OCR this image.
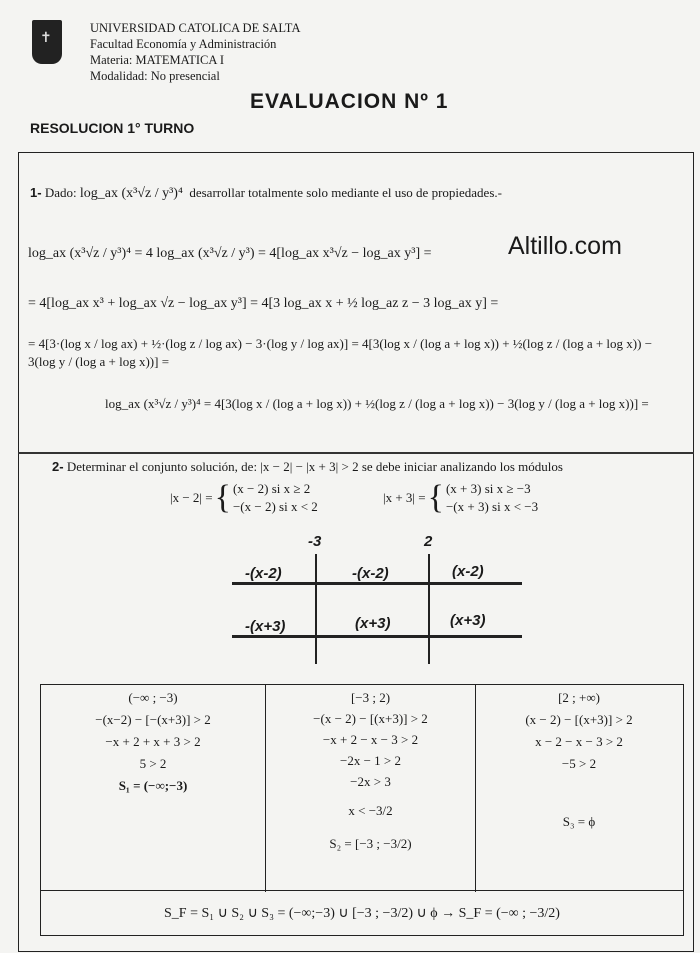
✝
UNIVERSIDAD CATOLICA DE SALTA
Facultad Economía y Administración
Materia: MATEMATICA I
Modalidad: No presencial
EVALUACION Nº 1
RESOLUCION 1° TURNO
Altillo.com
1- Dado: log_ax (x³√z / y³)⁴ desarrollar totalmente solo mediante el uso de propiedades.-
log_ax (x³√z / y³)⁴ = 4 log_ax (x³√z / y³) = 4[log_ax x³√z − log_ax y³] =
= 4[log_ax x³ + log_ax √z − log_ax y³] = 4[3 log_ax x + ½ log_az z − 3 log_ax y] =
= 4[3·(log x / log ax) + ½·(log z / log ax) − 3·(log y / log ax)] = 4[3(log x / (log a + log x)) + ½(log z / (log a + log x)) − 3(log y / (log a + log x))] =
log_ax (x³√z / y³)⁴ = 4[3(log x / (log a + log x)) + ½(log z / (log a + log x)) − 3(log y / (log a + log x))] =
2- Determinar el conjunto solución, de: |x − 2| − |x + 3| > 2 se debe iniciar analizando los módulos
|x − 2| = { (x − 2) si x ≥ 2
−(x − 2) si x < 2
|x + 3| = { (x + 3) si x ≥ −3
−(x + 3) si x < −3
-3	2
-(x-2)	-(x-2)	(x-2)
-(x+3)	(x+3)	(x+3)
(−∞ ; −3)
−(x−2) − [−(x+3)] > 2
−x + 2 + x + 3 > 2
5 > 2
S₁ = (−∞;−3)
[−3 ; 2)
−(x − 2) − [(x+3)] > 2
−x + 2 − x − 3 > 2
−2x − 1 > 2
−2x > 3
x < −3/2
S₂ = [−3 ; −3/2)
[2 ; +∞)
(x − 2) − [(x+3)] > 2
x − 2 − x − 3 > 2
−5 > 2
S₃ = ϕ
S_F = S₁ ∪ S₂ ∪ S₃ = (−∞;−3) ∪ [−3 ; −3/2) ∪ ϕ → S_F = (−∞ ; −3/2)
